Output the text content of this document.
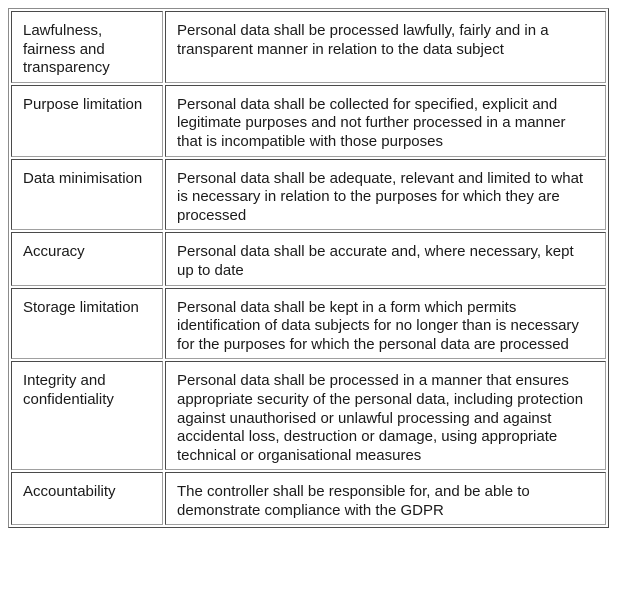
Lawfulness, fairness and transparency	Personal data shall be processed lawfully, fairly and in a transparent manner in relation to the data subject
Purpose limitation	Personal data shall be collected for specified, explicit and legitimate purposes and not further processed in a manner that is incompatible with those purposes
Data minimisation	Personal data shall be adequate, relevant and limited to what is necessary in relation to the purposes for which they are processed
Accuracy	Personal data shall be accurate and, where necessary, kept up to date
Storage limitation	Personal data shall be kept in a form which permits identification of data subjects for no longer than is necessary for the purposes for which the personal data are processed
Integrity and confidentiality	Personal data shall be processed in a manner that ensures appropriate security of the personal data, including protection against unauthorised or unlawful processing and against accidental loss, destruction or damage, using appropriate technical or organisational measures
Accountability	The controller shall be responsible for, and be able to demonstrate compliance with the GDPR
